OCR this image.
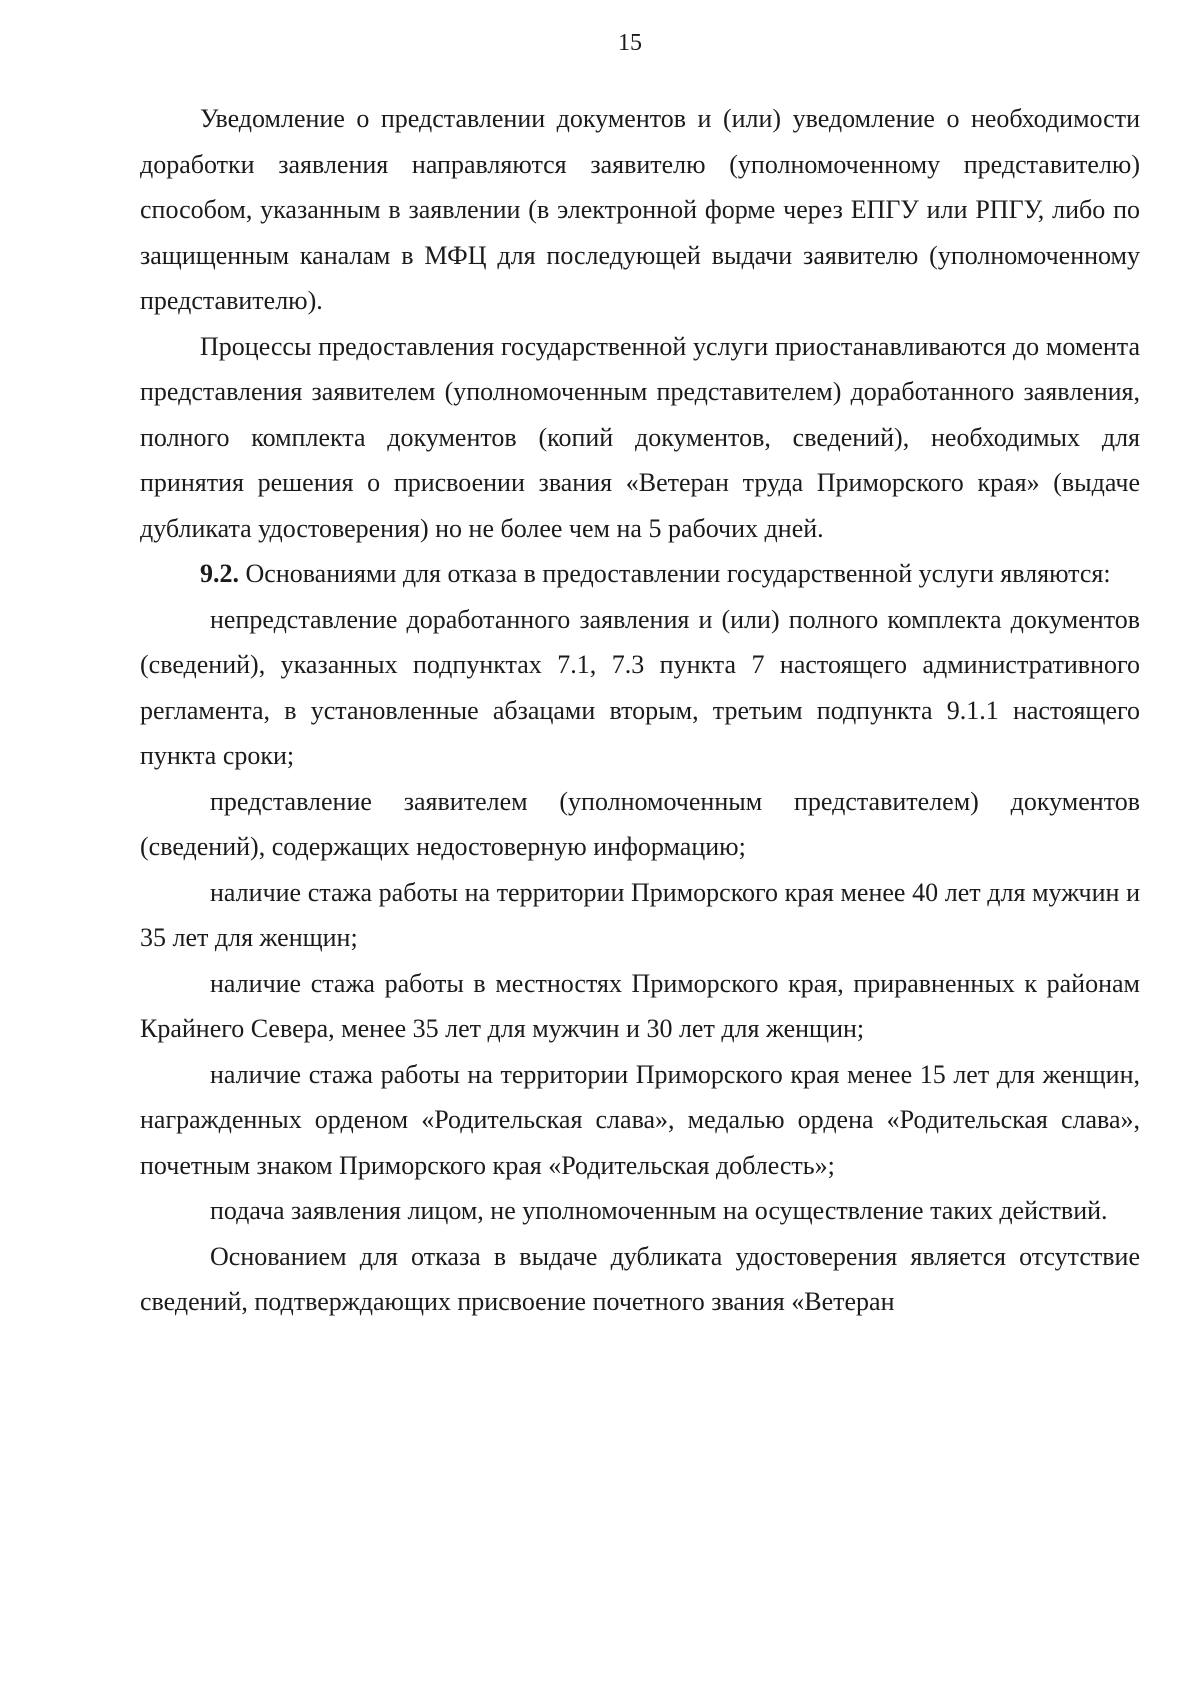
15

Уведомление о представлении документов и (или) уведомление о необходимости доработки заявления направляются заявителю (уполномоченному представителю) способом, указанным в заявлении (в электронной форме через ЕПГУ или РПГУ, либо по защищенным каналам в МФЦ для последующей выдачи заявителю (уполномоченному представителю).

Процессы предоставления государственной услуги приостанавливаются до момента представления заявителем (уполномоченным представителем) доработанного заявления, полного комплекта документов (копий документов, сведений), необходимых для принятия решения о присвоении звания «Ветеран труда Приморского края» (выдаче дубликата удостоверения) но не более чем на 5 рабочих дней.

9.2. Основаниями для отказа в предоставлении государственной услуги являются:

непредставление доработанного заявления и (или) полного комплекта документов (сведений), указанных подпунктах 7.1, 7.3 пункта 7 настоящего административного регламента, в установленные абзацами вторым, третьим подпункта 9.1.1 настоящего пункта сроки;

представление заявителем (уполномоченным представителем) документов (сведений), содержащих недостоверную информацию;

наличие стажа работы на территории Приморского края менее 40 лет для мужчин и 35 лет для женщин;

наличие стажа работы в местностях Приморского края, приравненных к районам Крайнего Севера, менее 35 лет для мужчин и 30 лет для женщин;

наличие стажа работы на территории Приморского края менее 15 лет для женщин, награжденных орденом «Родительская слава», медалью ордена «Родительская слава», почетным знаком Приморского края «Родительская доблесть»;

подача заявления лицом, не уполномоченным на осуществление таких действий.

Основанием для отказа в выдаче дубликата удостоверения является отсутствие сведений, подтверждающих присвоение почетного звания «Ветеран
